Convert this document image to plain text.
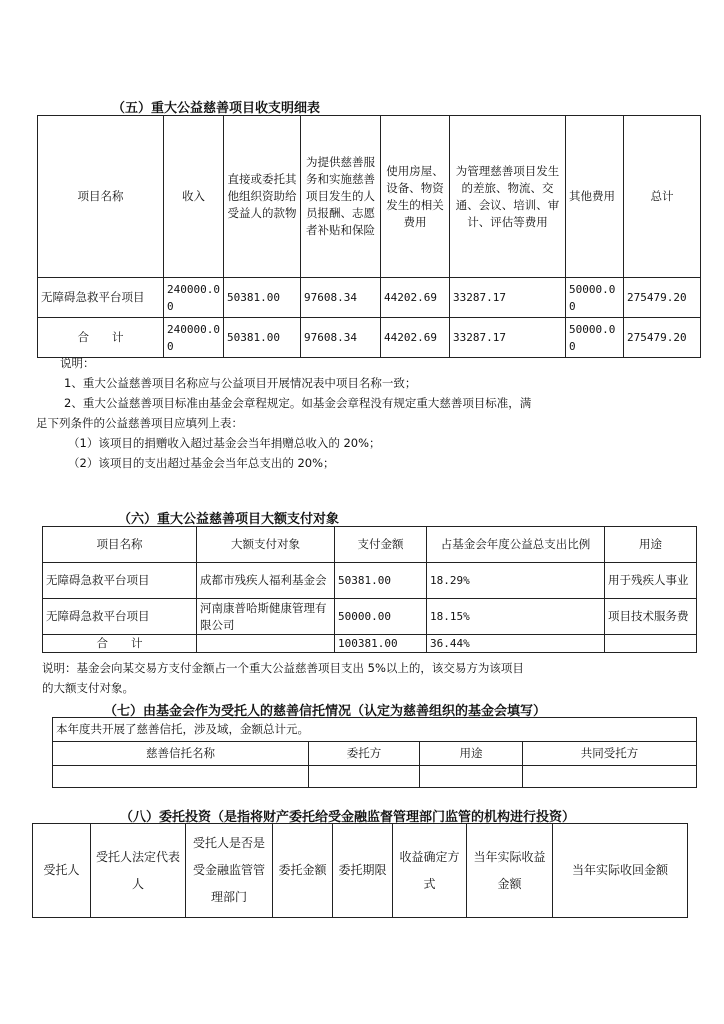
（五）重大公益慈善项目收支明细表
项目名称	收入	直接或委托其他组织资助给受益人的款物	为提供慈善服务和实施慈善项目发生的人员报酬、志愿者补贴和保险	使用房屋、设备、物资发生的相关费用	为管理慈善项目发生的差旅、物流、交通、会议、培训、审计、评估等费用	其他费用	总计
无障碍急救平台项目	240000.00	50381.00	97608.34	44202.69	33287.17	50000.00	275479.20
合　　计	240000.00	50381.00	97608.34	44202.69	33287.17	50000.00	275479.20
说明：
1、重大公益慈善项目名称应与公益项目开展情况表中项目名称一致；
2、重大公益慈善项目标准由基金会章程规定。如基金会章程没有规定重大慈善项目标准，满
足下列条件的公益慈善项目应填列上表：
（1）该项目的捐赠收入超过基金会当年捐赠总收入的 20%；
（2）该项目的支出超过基金会当年总支出的 20%；
（六）重大公益慈善项目大额支付对象
项目名称	大额支付对象	支付金额	占基金会年度公益总支出比例	用途
无障碍急救平台项目	成都市残疾人福利基金会	50381.00	18.29%	用于残疾人事业
无障碍急救平台项目	河南康普哈斯健康管理有限公司	50000.00	18.15%	项目技术服务费
合　　计		100381.00	36.44%	
说明：基金会向某交易方支付金额占一个重大公益慈善项目支出 5%以上的，该交易方为该项目
的大额支付对象。
（七）由基金会作为受托人的慈善信托情况（认定为慈善组织的基金会填写）
本年度共开展了慈善信托，涉及域，金额总计元。			
慈善信托名称	委托方	用途	共同受托方

（八）委托投资（是指将财产委托给受金融监督管理部门监管的机构进行投资）
受托人	受托人法定代表人	受托人是否是受金融监管管理部门	委托金额	委托期限	收益确定方式	当年实际收益金额	当年实际收回金额
